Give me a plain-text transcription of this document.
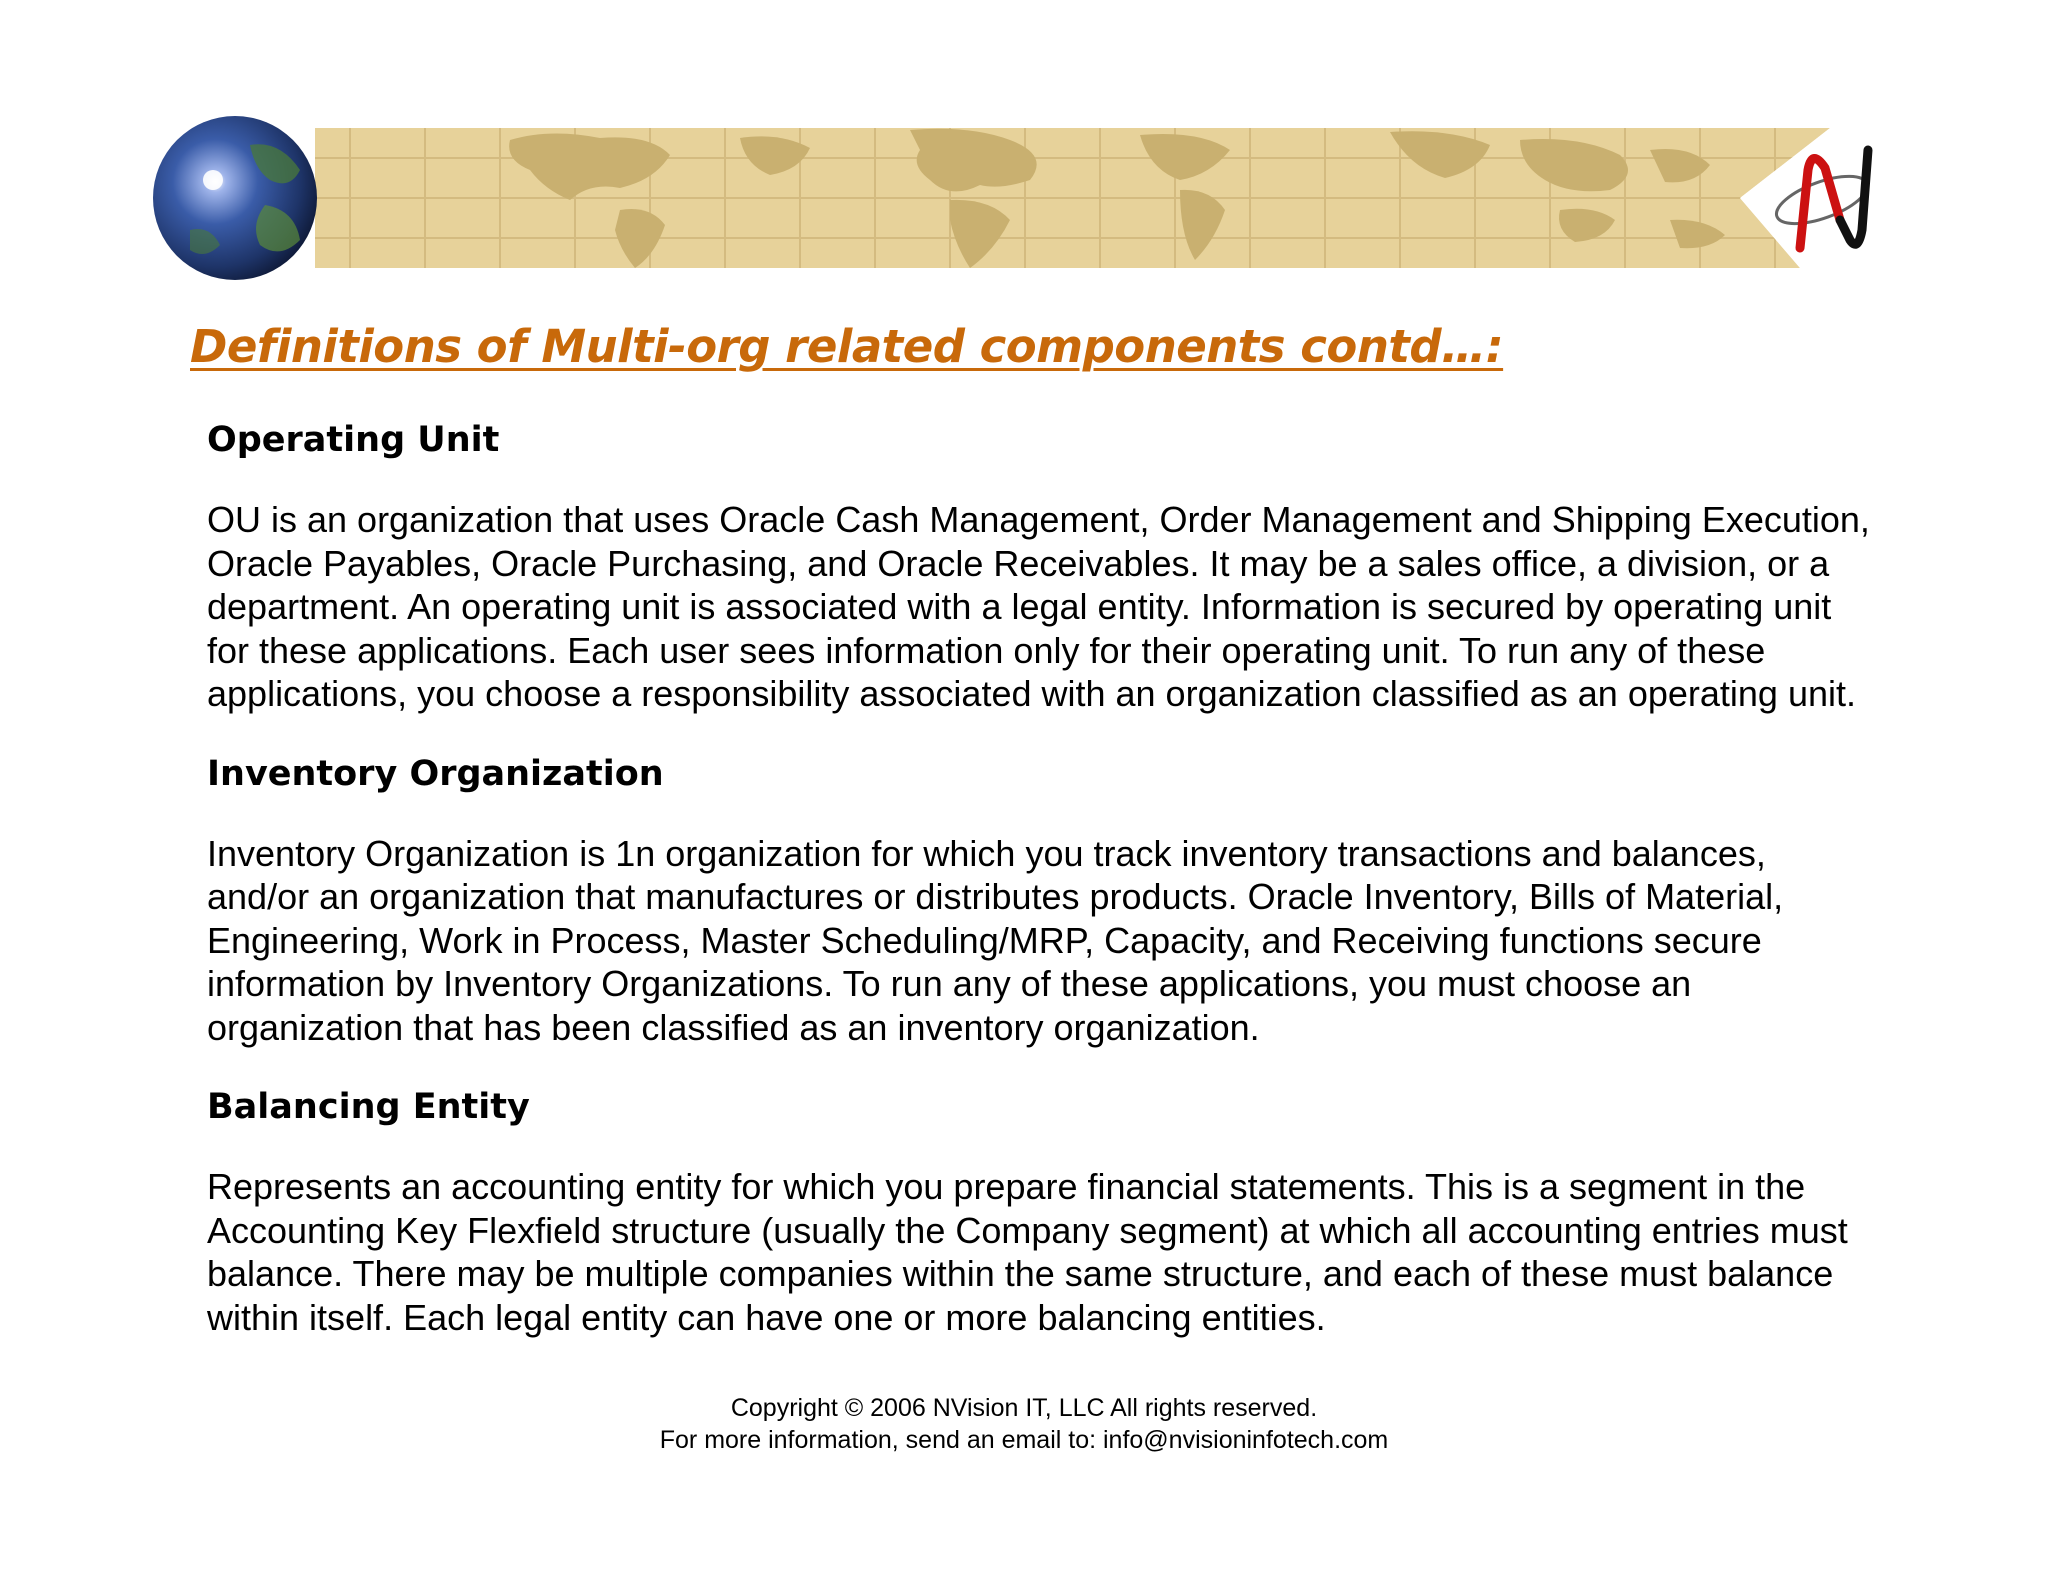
Definitions of Multi-org related components contd…:
Operating Unit
OU is an organization that uses Oracle Cash Management, Order Management and Shipping Execution,
Oracle Payables, Oracle Purchasing, and Oracle Receivables. It may be a sales office, a division, or a
department. An operating unit is associated with a legal entity. Information is secured by operating unit
for these applications. Each user sees information only for their operating unit. To run any of these
applications, you choose a responsibility associated with an organization classified as an operating unit.
Inventory Organization
Inventory Organization is 1n organization for which you track inventory transactions and balances,
and/or an organization that manufactures or distributes products. Oracle Inventory, Bills of Material,
Engineering, Work in Process, Master Scheduling/MRP, Capacity, and Receiving functions secure
information by Inventory Organizations. To run any of these applications, you must choose an
organization that has been classified as an inventory organization.
Balancing Entity
Represents an accounting entity for which you prepare financial statements. This is a segment in the
Accounting Key Flexfield structure (usually the Company segment) at which all accounting entries must
balance. There may be multiple companies within the same structure, and each of these must balance
within itself. Each legal entity can have one or more balancing entities.
Copyright © 2006 NVision IT, LLC All rights reserved.
For more information, send an email to: info@nvisioninfotech.com
